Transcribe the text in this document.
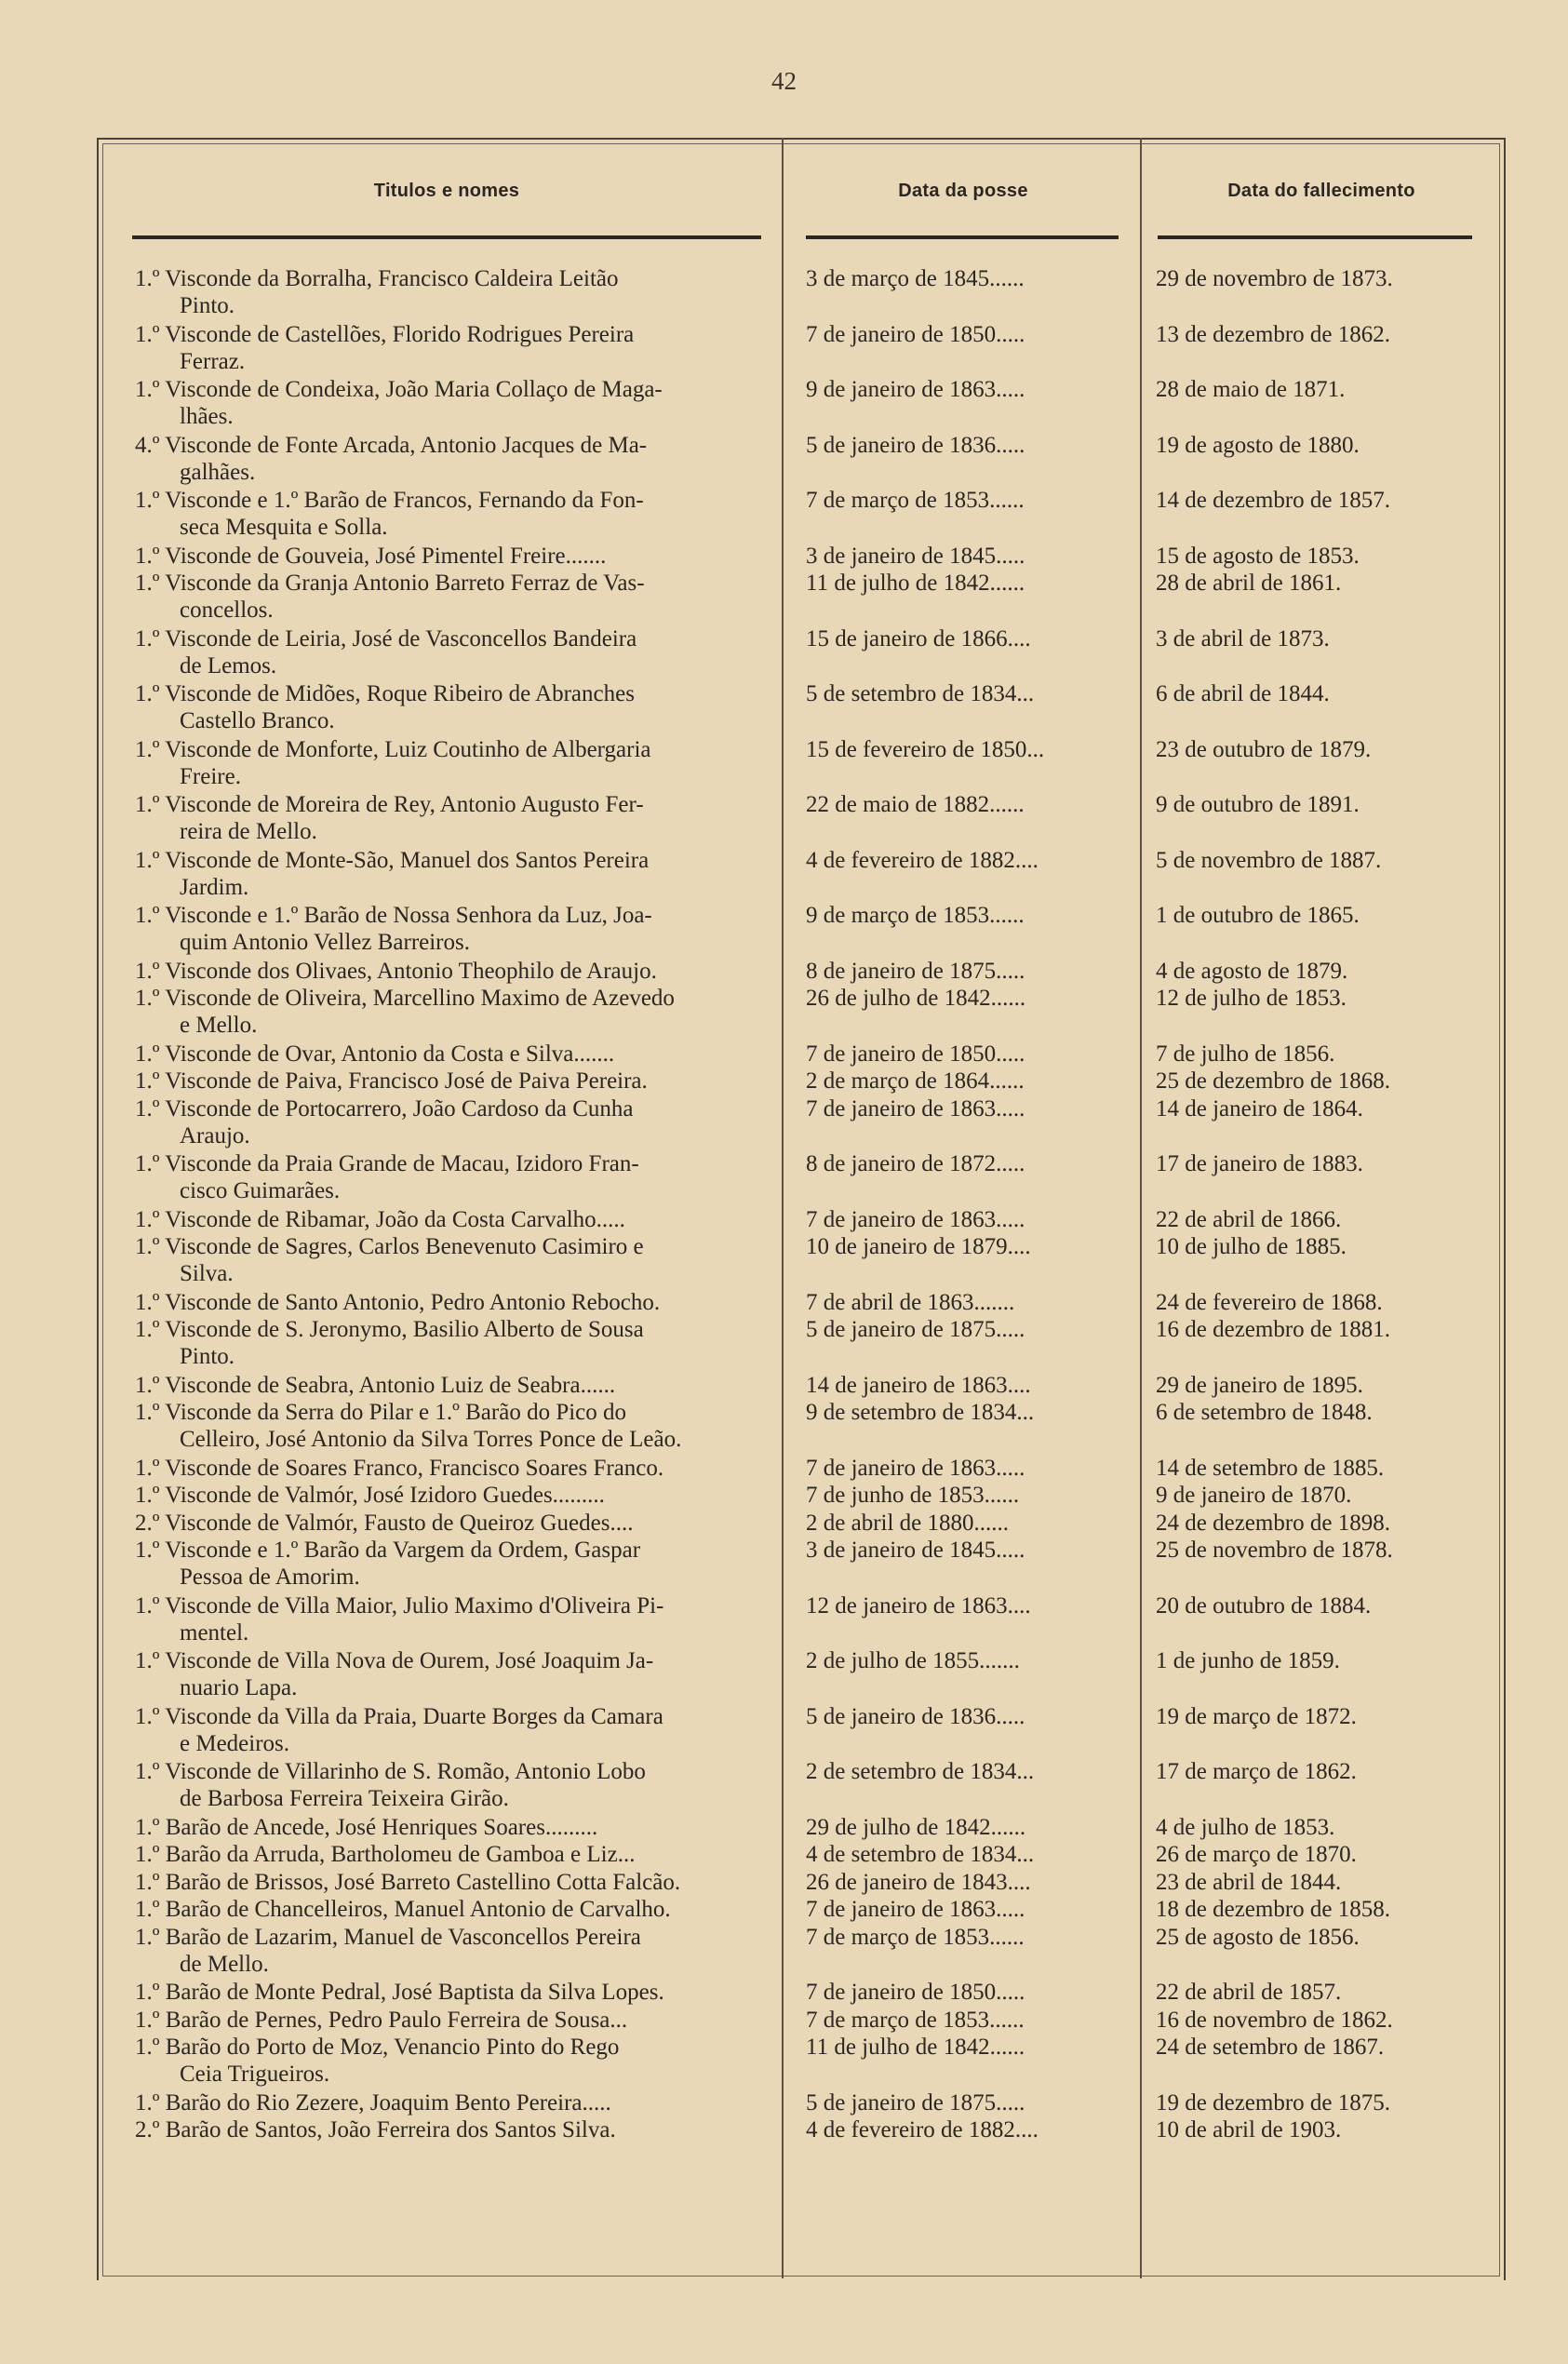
42
Titulos e nomes	Data da posse	Data do fallecimento
1.º Visconde da Borralha, Francisco Caldeira Leitão
Pinto.
3 de março de 1845......	29 de novembro de 1873.
1.º Visconde de Castellões, Florido Rodrigues Pereira
Ferraz.
7 de janeiro de 1850.....	13 de dezembro de 1862.
1.º Visconde de Condeixa, João Maria Collaço de Maga-
lhães.
9 de janeiro de 1863.....	28 de maio de 1871.
4.º Visconde de Fonte Arcada, Antonio Jacques de Ma-
galhães.
5 de janeiro de 1836.....	19 de agosto de 1880.
1.º Visconde e 1.º Barão de Francos, Fernando da Fon-
seca Mesquita e Solla.
7 de março de 1853......	14 de dezembro de 1857.
1.º Visconde de Gouveia, José Pimentel Freire.......	3 de janeiro de 1845.....	15 de agosto de 1853.
1.º Visconde da Granja Antonio Barreto Ferraz de Vas-
concellos.
11 de julho de 1842......	28 de abril de 1861.
1.º Visconde de Leiria, José de Vasconcellos Bandeira
de Lemos.
15 de janeiro de 1866....	3 de abril de 1873.
1.º Visconde de Midões, Roque Ribeiro de Abranches
Castello Branco.
5 de setembro de 1834...	6 de abril de 1844.
1.º Visconde de Monforte, Luiz Coutinho de Albergaria
Freire.
15 de fevereiro de 1850...	23 de outubro de 1879.
1.º Visconde de Moreira de Rey, Antonio Augusto Fer-
reira de Mello.
22 de maio de 1882......	9 de outubro de 1891.
1.º Visconde de Monte-São, Manuel dos Santos Pereira
Jardim.
4 de fevereiro de 1882....	5 de novembro de 1887.
1.º Visconde e 1.º Barão de Nossa Senhora da Luz, Joa-
quim Antonio Vellez Barreiros.
9 de março de 1853......	1 de outubro de 1865.
1.º Visconde dos Olivaes, Antonio Theophilo de Araujo.	8 de janeiro de 1875.....	4 de agosto de 1879.
1.º Visconde de Oliveira, Marcellino Maximo de Azevedo
e Mello.
26 de julho de 1842......	12 de julho de 1853.
1.º Visconde de Ovar, Antonio da Costa e Silva.......	7 de janeiro de 1850.....	7 de julho de 1856.
1.º Visconde de Paiva, Francisco José de Paiva Pereira.	2 de março de 1864......	25 de dezembro de 1868.
1.º Visconde de Portocarrero, João Cardoso da Cunha
Araujo.
7 de janeiro de 1863.....	14 de janeiro de 1864.
1.º Visconde da Praia Grande de Macau, Izidoro Fran-
cisco Guimarães.
8 de janeiro de 1872.....	17 de janeiro de 1883.
1.º Visconde de Ribamar, João da Costa Carvalho.....	7 de janeiro de 1863.....	22 de abril de 1866.
1.º Visconde de Sagres, Carlos Benevenuto Casimiro e
Silva.
10 de janeiro de 1879....	10 de julho de 1885.
1.º Visconde de Santo Antonio, Pedro Antonio Rebocho.	7 de abril de 1863.......	24 de fevereiro de 1868.
1.º Visconde de S. Jeronymo, Basilio Alberto de Sousa
Pinto.
5 de janeiro de 1875.....	16 de dezembro de 1881.
1.º Visconde de Seabra, Antonio Luiz de Seabra......	14 de janeiro de 1863....	29 de janeiro de 1895.
1.º Visconde da Serra do Pilar e 1.º Barão do Pico do
Celleiro, José Antonio da Silva Torres Ponce de Leão.
9 de setembro de 1834...	6 de setembro de 1848.
1.º Visconde de Soares Franco, Francisco Soares Franco.	7 de janeiro de 1863.....	14 de setembro de 1885.
1.º Visconde de Valmór, José Izidoro Guedes.........	7 de junho de 1853......	9 de janeiro de 1870.
2.º Visconde de Valmór, Fausto de Queiroz Guedes....	2 de abril de 1880......	24 de dezembro de 1898.
1.º Visconde e 1.º Barão da Vargem da Ordem, Gaspar
Pessoa de Amorim.
3 de janeiro de 1845.....	25 de novembro de 1878.
1.º Visconde de Villa Maior, Julio Maximo d'Oliveira Pi-
mentel.
12 de janeiro de 1863....	20 de outubro de 1884.
1.º Visconde de Villa Nova de Ourem, José Joaquim Ja-
nuario Lapa.
2 de julho de 1855.......	1 de junho de 1859.
1.º Visconde da Villa da Praia, Duarte Borges da Camara
e Medeiros.
5 de janeiro de 1836.....	19 de março de 1872.
1.º Visconde de Villarinho de S. Romão, Antonio Lobo
de Barbosa Ferreira Teixeira Girão.
2 de setembro de 1834...	17 de março de 1862.
1.º Barão de Ancede, José Henriques Soares.........	29 de julho de 1842......	4 de julho de 1853.
1.º Barão da Arruda, Bartholomeu de Gamboa e Liz...	4 de setembro de 1834...	26 de março de 1870.
1.º Barão de Brissos, José Barreto Castellino Cotta Falcão.	26 de janeiro de 1843....	23 de abril de 1844.
1.º Barão de Chancelleiros, Manuel Antonio de Carvalho.	7 de janeiro de 1863.....	18 de dezembro de 1858.
1.º Barão de Lazarim, Manuel de Vasconcellos Pereira
de Mello.
7 de março de 1853......	25 de agosto de 1856.
1.º Barão de Monte Pedral, José Baptista da Silva Lopes.	7 de janeiro de 1850.....	22 de abril de 1857.
1.º Barão de Pernes, Pedro Paulo Ferreira de Sousa...	7 de março de 1853......	16 de novembro de 1862.
1.º Barão do Porto de Moz, Venancio Pinto do Rego
Ceia Trigueiros.
11 de julho de 1842......	24 de setembro de 1867.
1.º Barão do Rio Zezere, Joaquim Bento Pereira.....	5 de janeiro de 1875.....	19 de dezembro de 1875.
2.º Barão de Santos, João Ferreira dos Santos Silva.	4 de fevereiro de 1882....	10 de abril de 1903.
